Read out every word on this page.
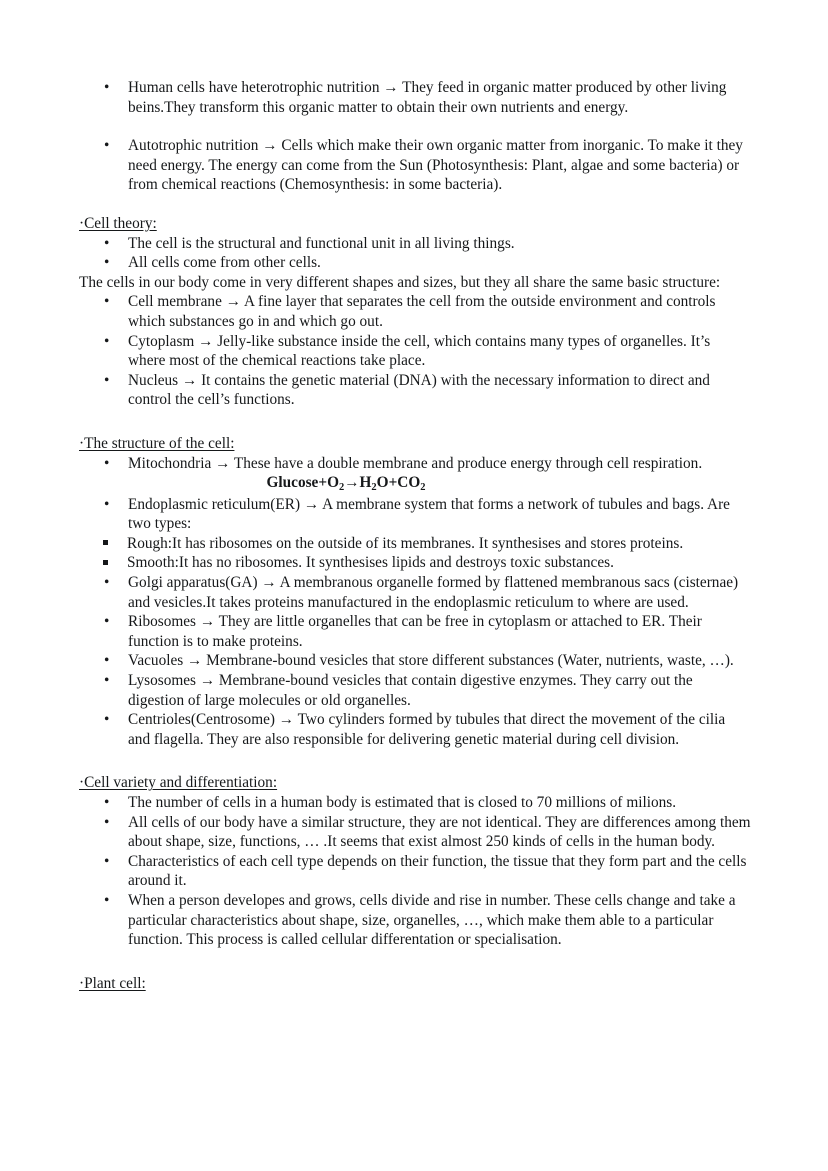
• Human cells have heterotrophic nutrition → They feed in organic matter produced by other living beins.They transform this organic matter to obtain their own nutrients and energy.
• Autotrophic nutrition → Cells which make their own organic matter from inorganic. To make it they need energy. The energy can come from the Sun (Photosynthesis: Plant, algae and some bacteria) or from chemical reactions (Chemosynthesis: in some bacteria).
·Cell theory:
• The cell is the structural and functional unit in all living things.
• All cells come from other cells.
The cells in our body come in very different shapes and sizes, but they all share the same basic structure:
• Cell membrane → A fine layer that separates the cell from the outside environment and controls which substances go in and which go out.
• Cytoplasm → Jelly-like substance inside the cell, which contains many types of organelles. It’s where most of the chemical reactions take place.
• Nucleus → It contains the genetic material (DNA) with the necessary information to direct and control the cell’s functions.
·The structure of the cell:
• Mitochondria → These have a double membrane and produce energy through cell respiration.
$Glucose+O_2\to H_2O+CO_2$
• Endoplasmic reticulum(ER) → A membrane system that forms a network of tubules and bags. Are two types:
Rough:It has ribosomes on the outside of its membranes. It synthesises and stores proteins.
Smooth:It has no ribosomes. It synthesises lipids and destroys toxic substances.
• Golgi apparatus(GA) → A membranous organelle formed by flattened membranous sacs (cisternae) and vesicles.It takes proteins manufactured in the endoplasmic reticulum to where are used.
• Ribosomes → They are little organelles that can be free in cytoplasm or attached to ER. Their function is to make proteins.
• Vacuoles → Membrane-bound vesicles that store different substances (Water, nutrients, waste, …).
• Lysosomes → Membrane-bound vesicles that contain digestive enzymes. They carry out the digestion of large molecules or old organelles.
• Centrioles(Centrosome) → Two cylinders formed by tubules that direct the movement of the cilia and flagella. They are also responsible for delivering genetic material during cell division.
·Cell variety and differentiation:
• The number of cells in a human body is estimated that is closed to 70 millions of milions.
• All cells of our body have a similar structure, they are not identical. They are differences among them about shape, size, functions, … .It seems that exist almost 250 kinds of cells in the human body.
• Characteristics of each cell type depends on their function, the tissue that they form part and the cells around it.
• When a person developes and grows, cells divide and rise in number. These cells change and take a particular characteristics about shape, size, organelles, …, which make them able to a particular function. This process is called cellular differentation or specialisation.
·Plant cell:
